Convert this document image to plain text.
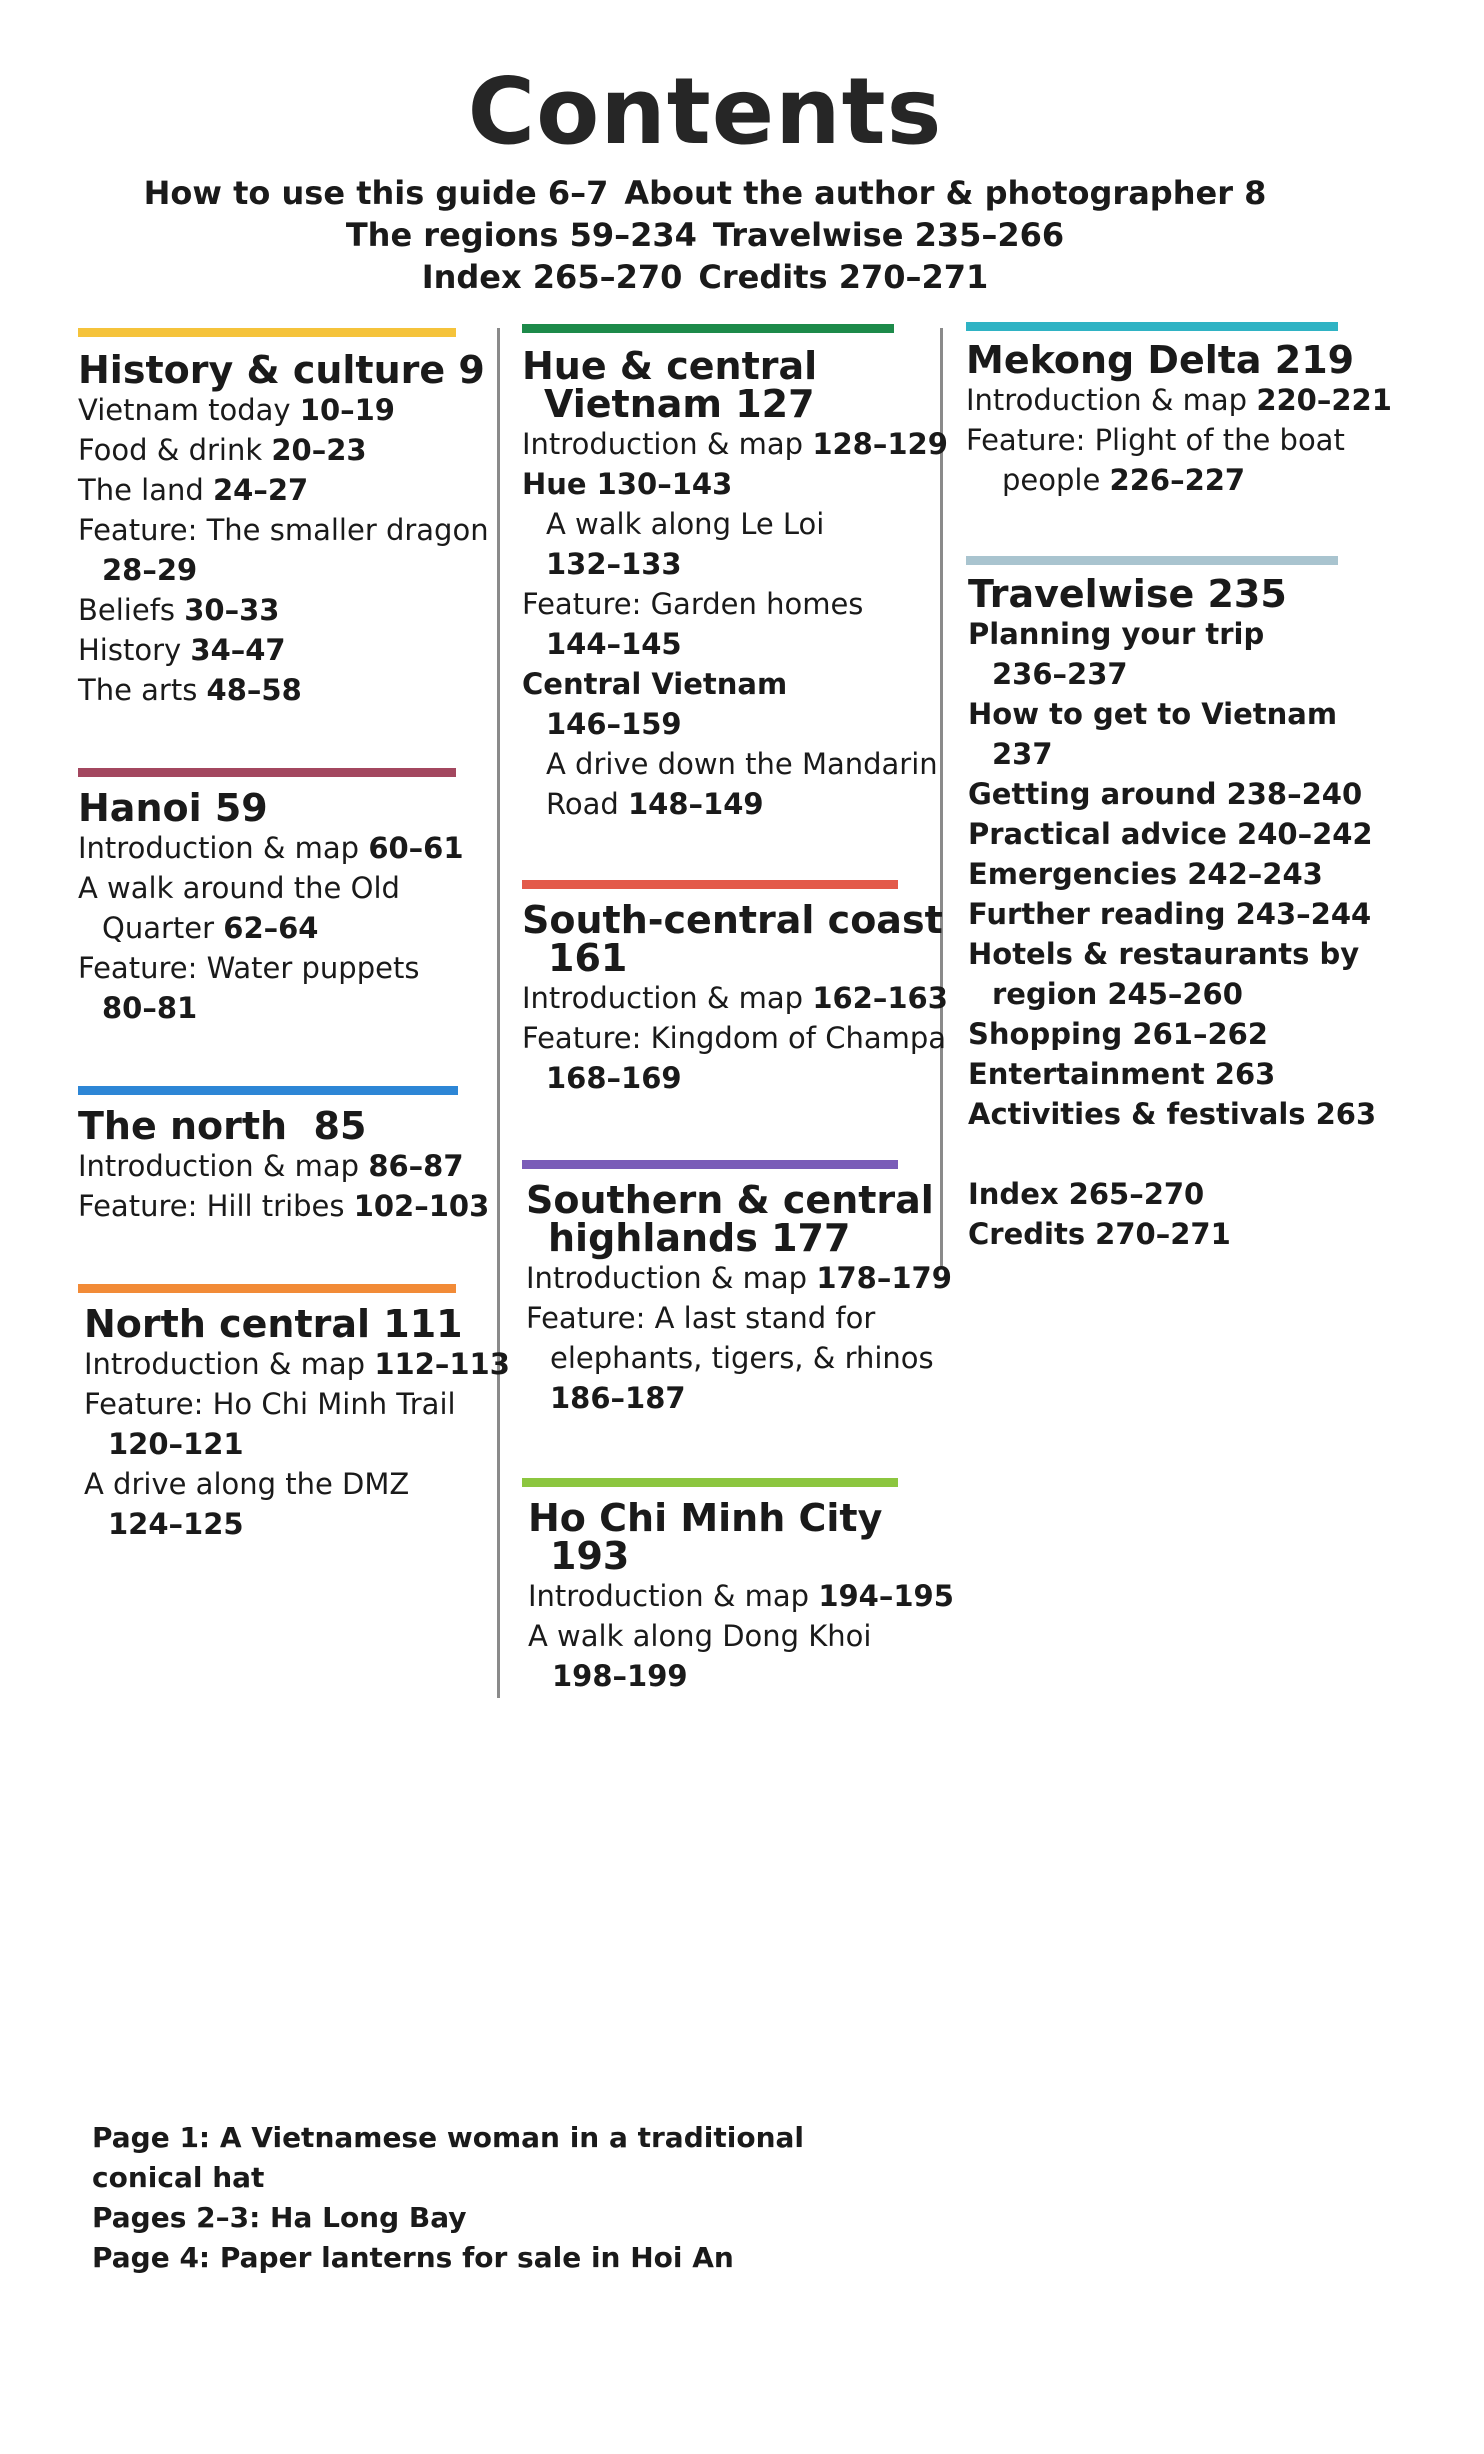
Contents
How to use this guide 6–7 About the author & photographer 8
The regions 59–234 Travelwise 235–266
Index 265–270 Credits 270–271
History & culture 9
Vietnam today 10–19
Food & drink 20–23
The land 24–27
Feature: The smaller dragon
28–29
Beliefs 30–33
History 34–47
The arts 48–58
Hanoi 59
Introduction & map 60–61
A walk around the Old
Quarter 62–64
Feature: Water puppets
80–81
The north  85
Introduction & map 86–87
Feature: Hill tribes 102–103
North central 111
Introduction & map 112–113
Feature: Ho Chi Minh Trail
120–121
A drive along the DMZ
124–125
Hue & central
Vietnam 127
Introduction & map 128–129
Hue 130–143
A walk along Le Loi
132–133
Feature: Garden homes
144–145
Central Vietnam
146–159
A drive down the Mandarin
Road 148–149
South-central coast
161
Introduction & map 162–163
Feature: Kingdom of Champa
168–169
Southern & central
highlands 177
Introduction & map 178–179
Feature: A last stand for
elephants, tigers, & rhinos
186–187
Ho Chi Minh City
193
Introduction & map 194–195
A walk along Dong Khoi
198–199
Mekong Delta 219
Introduction & map 220–221
Feature: Plight of the boat
people 226–227
Travelwise 235
Planning your trip
236–237
How to get to Vietnam
237
Getting around 238–240
Practical advice 240–242
Emergencies 242–243
Further reading 243–244
Hotels & restaurants by
region 245–260
Shopping 261–262
Entertainment 263
Activities & festivals 263
Index 265–270
Credits 270–271
Page 1: A Vietnamese woman in a traditional
conical hat
Pages 2–3: Ha Long Bay
Page 4: Paper lanterns for sale in Hoi An
